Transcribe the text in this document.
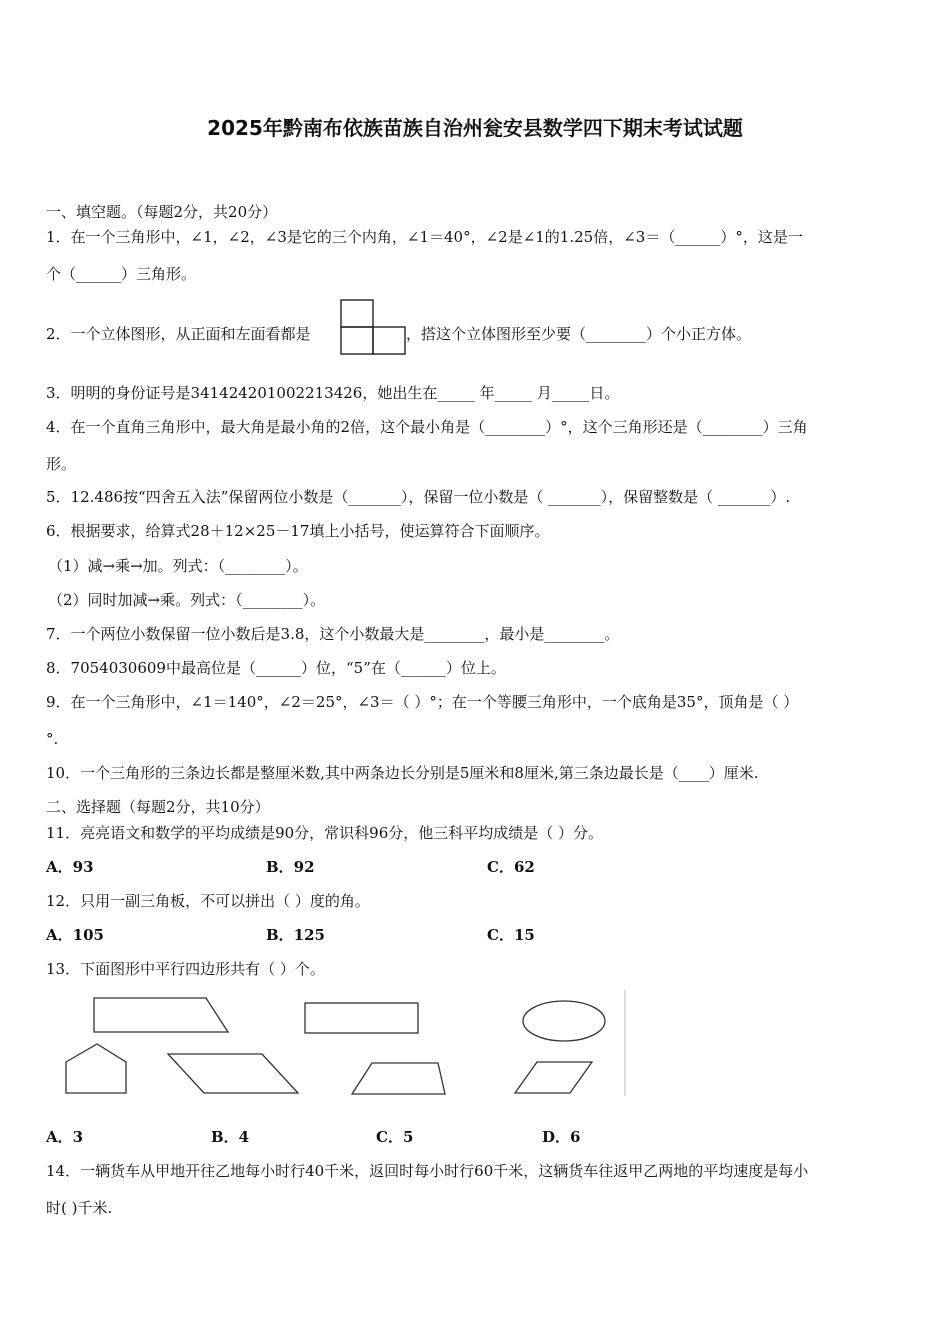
2025年黔南布依族苗族自治州瓮安县数学四下期末考试试题
一、填空题。（每题2分，共20分）
1．在一个三角形中，∠1，∠2，∠3是它的三个内角，∠1＝40°，∠2是∠1的1.25倍，∠3＝（______）°，这是一
个（______）三角形。
2．一个立体图形，从正面和左面看都是	，搭这个立体图形至少要（________）个小正方体。
3．明明的身份证号是341424201002213426，她出生在_____ 年_____ 月_____日。
4．在一个直角三角形中，最大角是最小角的2倍，这个最小角是（________）°，这个三角形还是（________）三角
形。
5．12.486按“四舍五入法”保留两位小数是（_______），保留一位小数是（ _______），保留整数是（ _______）.
6．根据要求，给算式28＋12×25－17填上小括号，使运算符合下面顺序。
（1）减→乘→加。列式：（________）。
（2）同时加减→乘。列式：（________）。
7．一个两位小数保留一位小数后是3.8，这个小数最大是________，最小是________。
8．7054030609中最高位是（______）位，“5”在（______）位上。
9．在一个三角形中，∠1＝140°，∠2＝25°，∠3＝（ ）°；在一个等腰三角形中，一个底角是35°，顶角是（ ）
°.
10．一个三角形的三条边长都是整厘米数,其中两条边长分别是5厘米和8厘米,第三条边最长是（____）厘米.
二、选择题（每题2分，共10分）
11．亮亮语文和数学的平均成绩是90分，常识科96分，他三科平均成绩是（ ）分。
A．93	B．92	C．62
12．只用一副三角板，不可以拼出（ ）度的角。
A．105	B．125	C．15
13．下面图形中平行四边形共有（ ）个。
A．3	B．4	C．5	D．6
14．一辆货车从甲地开往乙地每小时行40千米，返回时每小时行60千米，这辆货车往返甲乙两地的平均速度是每小
时( )千米.
